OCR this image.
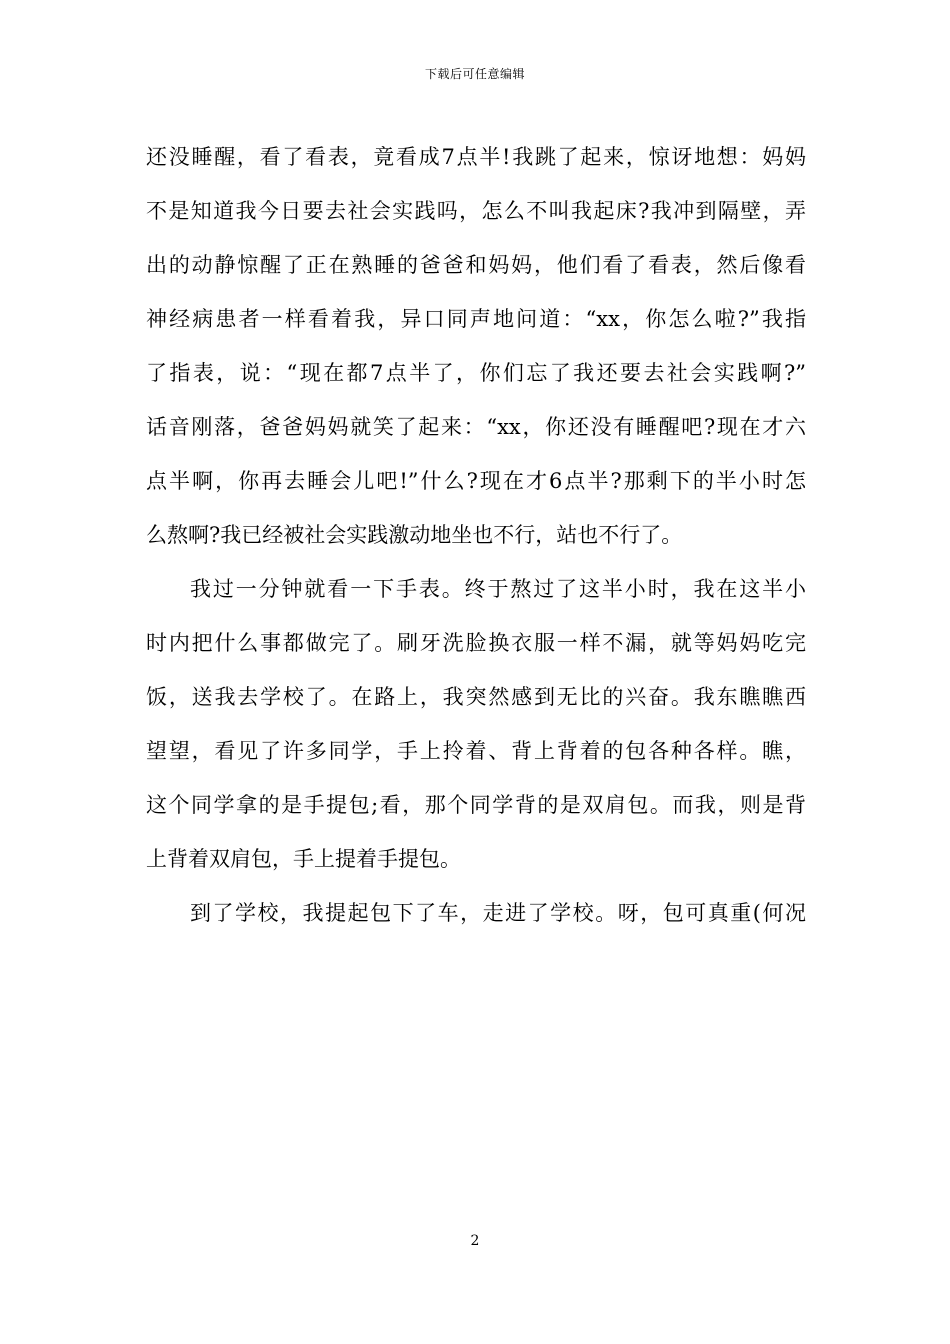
下载后可任意编辑
还没睡醒，看了看表，竟看成7点半!我跳了起来，惊讶地想：妈妈
不是知道我今日要去社会实践吗，怎么不叫我起床?我冲到隔壁，弄
出的动静惊醒了正在熟睡的爸爸和妈妈，他们看了看表，然后像看
神经病患者一样看着我，异口同声地问道：“xx，你怎么啦?”我指
了指表，说：“现在都7点半了，你们忘了我还要去社会实践啊?”
话音刚落，爸爸妈妈就笑了起来：“xx，你还没有睡醒吧?现在才六
点半啊，你再去睡会儿吧!”什么?现在才6点半?那剩下的半小时怎
么熬啊?我已经被社会实践激动地坐也不行，站也不行了。
我过一分钟就看一下手表。终于熬过了这半小时，我在这半小
时内把什么事都做完了。刷牙洗脸换衣服一样不漏，就等妈妈吃完
饭，送我去学校了。在路上，我突然感到无比的兴奋。我东瞧瞧西
望望，看见了许多同学，手上拎着、背上背着的包各种各样。瞧，
这个同学拿的是手提包;看，那个同学背的是双肩包。而我，则是背
上背着双肩包，手上提着手提包。
到了学校，我提起包下了车，走进了学校。呀，包可真重(何况
2
